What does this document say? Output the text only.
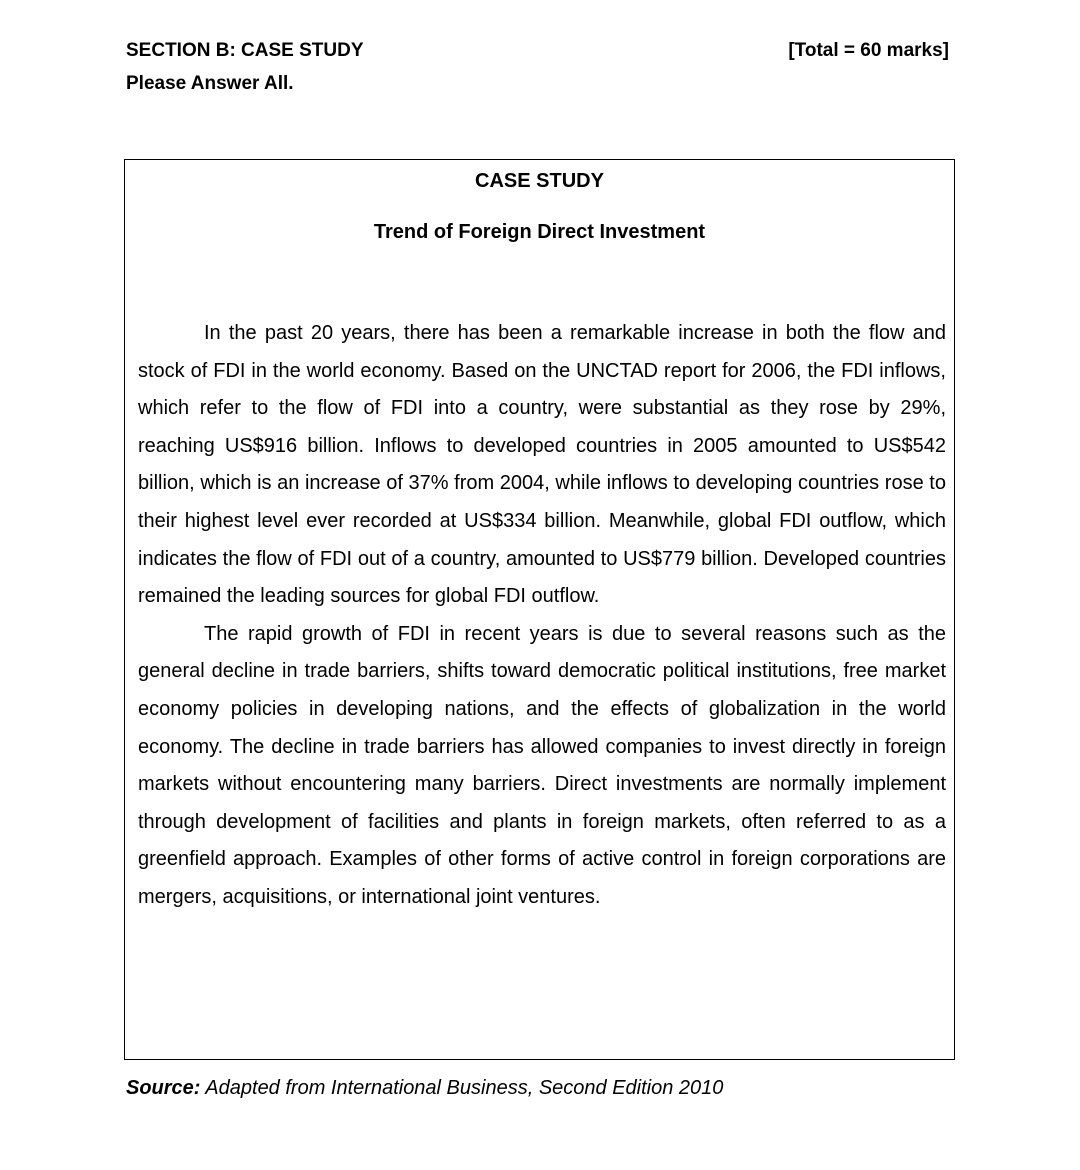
SECTION B: CASE STUDY	[Total = 60 marks]
Please Answer All.
CASE STUDY
Trend of Foreign Direct Investment

In the past 20 years, there has been a remarkable increase in both the flow and stock of FDI in the world economy. Based on the UNCTAD report for 2006, the FDI inflows, which refer to the flow of FDI into a country, were substantial as they rose by 29%, reaching US$916 billion. Inflows to developed countries in 2005 amounted to US$542 billion, which is an increase of 37% from 2004, while inflows to developing countries rose to their highest level ever recorded at US$334 billion. Meanwhile, global FDI outflow, which indicates the flow of FDI out of a country, amounted to US$779 billion. Developed countries remained the leading sources for global FDI outflow.

The rapid growth of FDI in recent years is due to several reasons such as the general decline in trade barriers, shifts toward democratic political institutions, free market economy policies in developing nations, and the effects of globalization in the world economy. The decline in trade barriers has allowed companies to invest directly in foreign markets without encountering many barriers. Direct investments are normally implement through development of facilities and plants in foreign markets, often referred to as a greenfield approach. Examples of other forms of active control in foreign corporations are mergers, acquisitions, or international joint ventures.

Source: Adapted from International Business, Second Edition 2010
